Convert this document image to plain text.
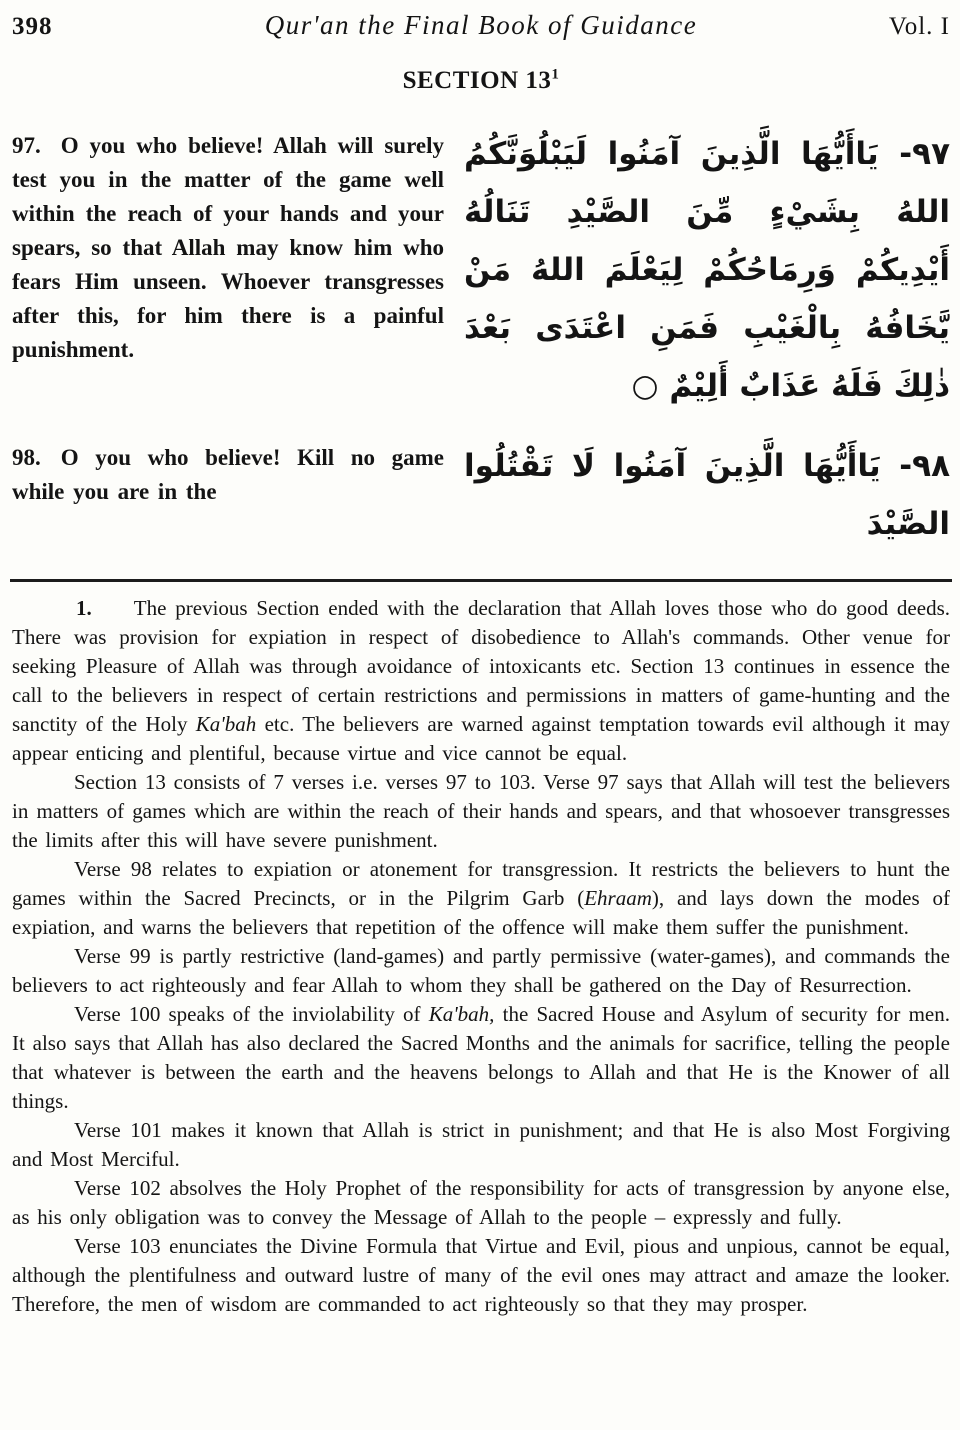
398	Qur'an the Final Book of Guidance	Vol. I
SECTION $13^1$

97. O you who believe! Allah will surely test you in the matter of the game well within the reach of your hands and your spears, so that Allah may know him who fears Him unseen. Whoever transgresses after this, for him there is a painful punishment.

٩٧- يَاأَيُّهَا الَّذِينَ آمَنُوا لَيَبْلُوَنَّكُمُ اللهُ بِشَيْءٍ مِّنَ الصَّيْدِ تَنَالُهُ أَيْدِيكُمْ وَرِمَاحُكُمْ لِيَعْلَمَ اللهُ مَنْ يَّخَافُهُ بِالْغَيْبِ فَمَنِ اعْتَدَى بَعْدَ ذٰلِكَ فَلَهُ عَذَابٌ أَلِيْمٌ ○

98. O you who believe! Kill no game while you are in the

٩٨- يَاأَيُّهَا الَّذِينَ آمَنُوا لَا تَقْتُلُوا الصَّيْدَ

1. The previous Section ended with the declaration that Allah loves those who do good deeds. There was provision for expiation in respect of disobedience to Allah's commands. Other venue for seeking Pleasure of Allah was through avoidance of intoxicants etc. Section 13 continues in essence the call to the believers in respect of certain restrictions and permissions in matters of game-hunting and the sanctity of the Holy Ka'bah etc. The believers are warned against temptation towards evil although it may appear enticing and plentiful, because virtue and vice cannot be equal.

Section 13 consists of 7 verses i.e. verses 97 to 103. Verse 97 says that Allah will test the believers in matters of games which are within the reach of their hands and spears, and that whosoever transgresses the limits after this will have severe punishment.

Verse 98 relates to expiation or atonement for transgression. It restricts the believers to hunt the games within the Sacred Precincts, or in the Pilgrim Garb (Ehraam), and lays down the modes of expiation, and warns the believers that repetition of the offence will make them suffer the punishment.

Verse 99 is partly restrictive (land-games) and partly permissive (water-games), and commands the believers to act righteously and fear Allah to whom they shall be gathered on the Day of Resurrection.

Verse 100 speaks of the inviolability of Ka'bah, the Sacred House and Asylum of security for men. It also says that Allah has also declared the Sacred Months and the animals for sacrifice, telling the people that whatever is between the earth and the heavens belongs to Allah and that He is the Knower of all things.

Verse 101 makes it known that Allah is strict in punishment; and that He is also Most Forgiving and Most Merciful.

Verse 102 absolves the Holy Prophet of the responsibility for acts of transgression by anyone else, as his only obligation was to convey the Message of Allah to the people – expressly and fully.

Verse 103 enunciates the Divine Formula that Virtue and Evil, pious and unpious, cannot be equal, although the plentifulness and outward lustre of many of the evil ones may attract and amaze the looker. Therefore, the men of wisdom are commanded to act righteously so that they may prosper.
